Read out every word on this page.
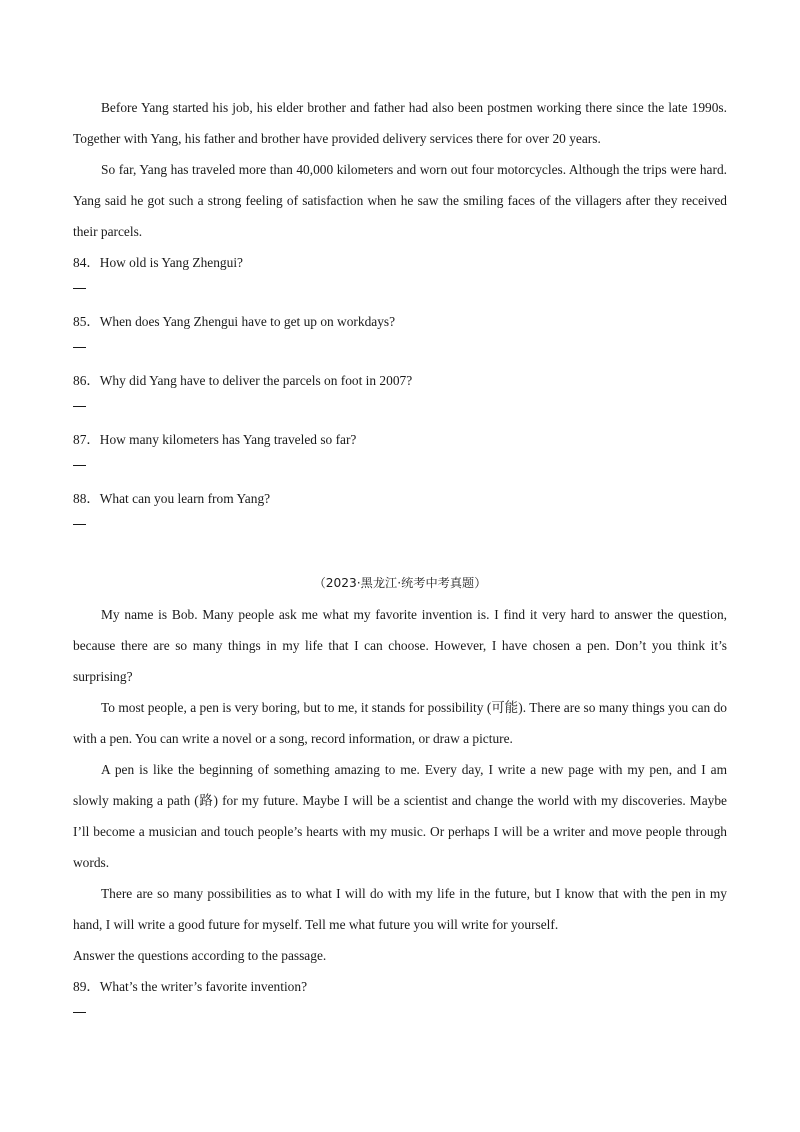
Before Yang started his job, his elder brother and father had also been postmen working there since the late 1990s. Together with Yang, his father and brother have provided delivery services there for over 20 years.

So far, Yang has traveled more than 40,000 kilometers and worn out four motorcycles. Although the trips were hard. Yang said he got such a strong feeling of satisfaction when he saw the smiling faces of the villagers after they received their parcels.

84．How old is Yang Zhengui?

85．When does Yang Zhengui have to get up on workdays?

86．Why did Yang have to deliver the parcels on foot in 2007?

87．How many kilometers has Yang traveled so far?

88．What can you learn from Yang?

（2023·黑龙江·统考中考真题）

My name is Bob. Many people ask me what my favorite invention is. I find it very hard to answer the question, because there are so many things in my life that I can choose. However, I have chosen a pen. Don’t you think it’s surprising?

To most people, a pen is very boring, but to me, it stands for possibility (可能). There are so many things you can do with a pen. You can write a novel or a song, record information, or draw a picture.

A pen is like the beginning of something amazing to me. Every day, I write a new page with my pen, and I am slowly making a path (路) for my future. Maybe I will be a scientist and change the world with my discoveries. Maybe I’ll become a musician and touch people’s hearts with my music. Or perhaps I will be a writer and move people through words.

There are so many possibilities as to what I will do with my life in the future, but I know that with the pen in my hand, I will write a good future for myself. Tell me what future you will write for yourself.

Answer the questions according to the passage.

89．What’s the writer’s favorite invention?
